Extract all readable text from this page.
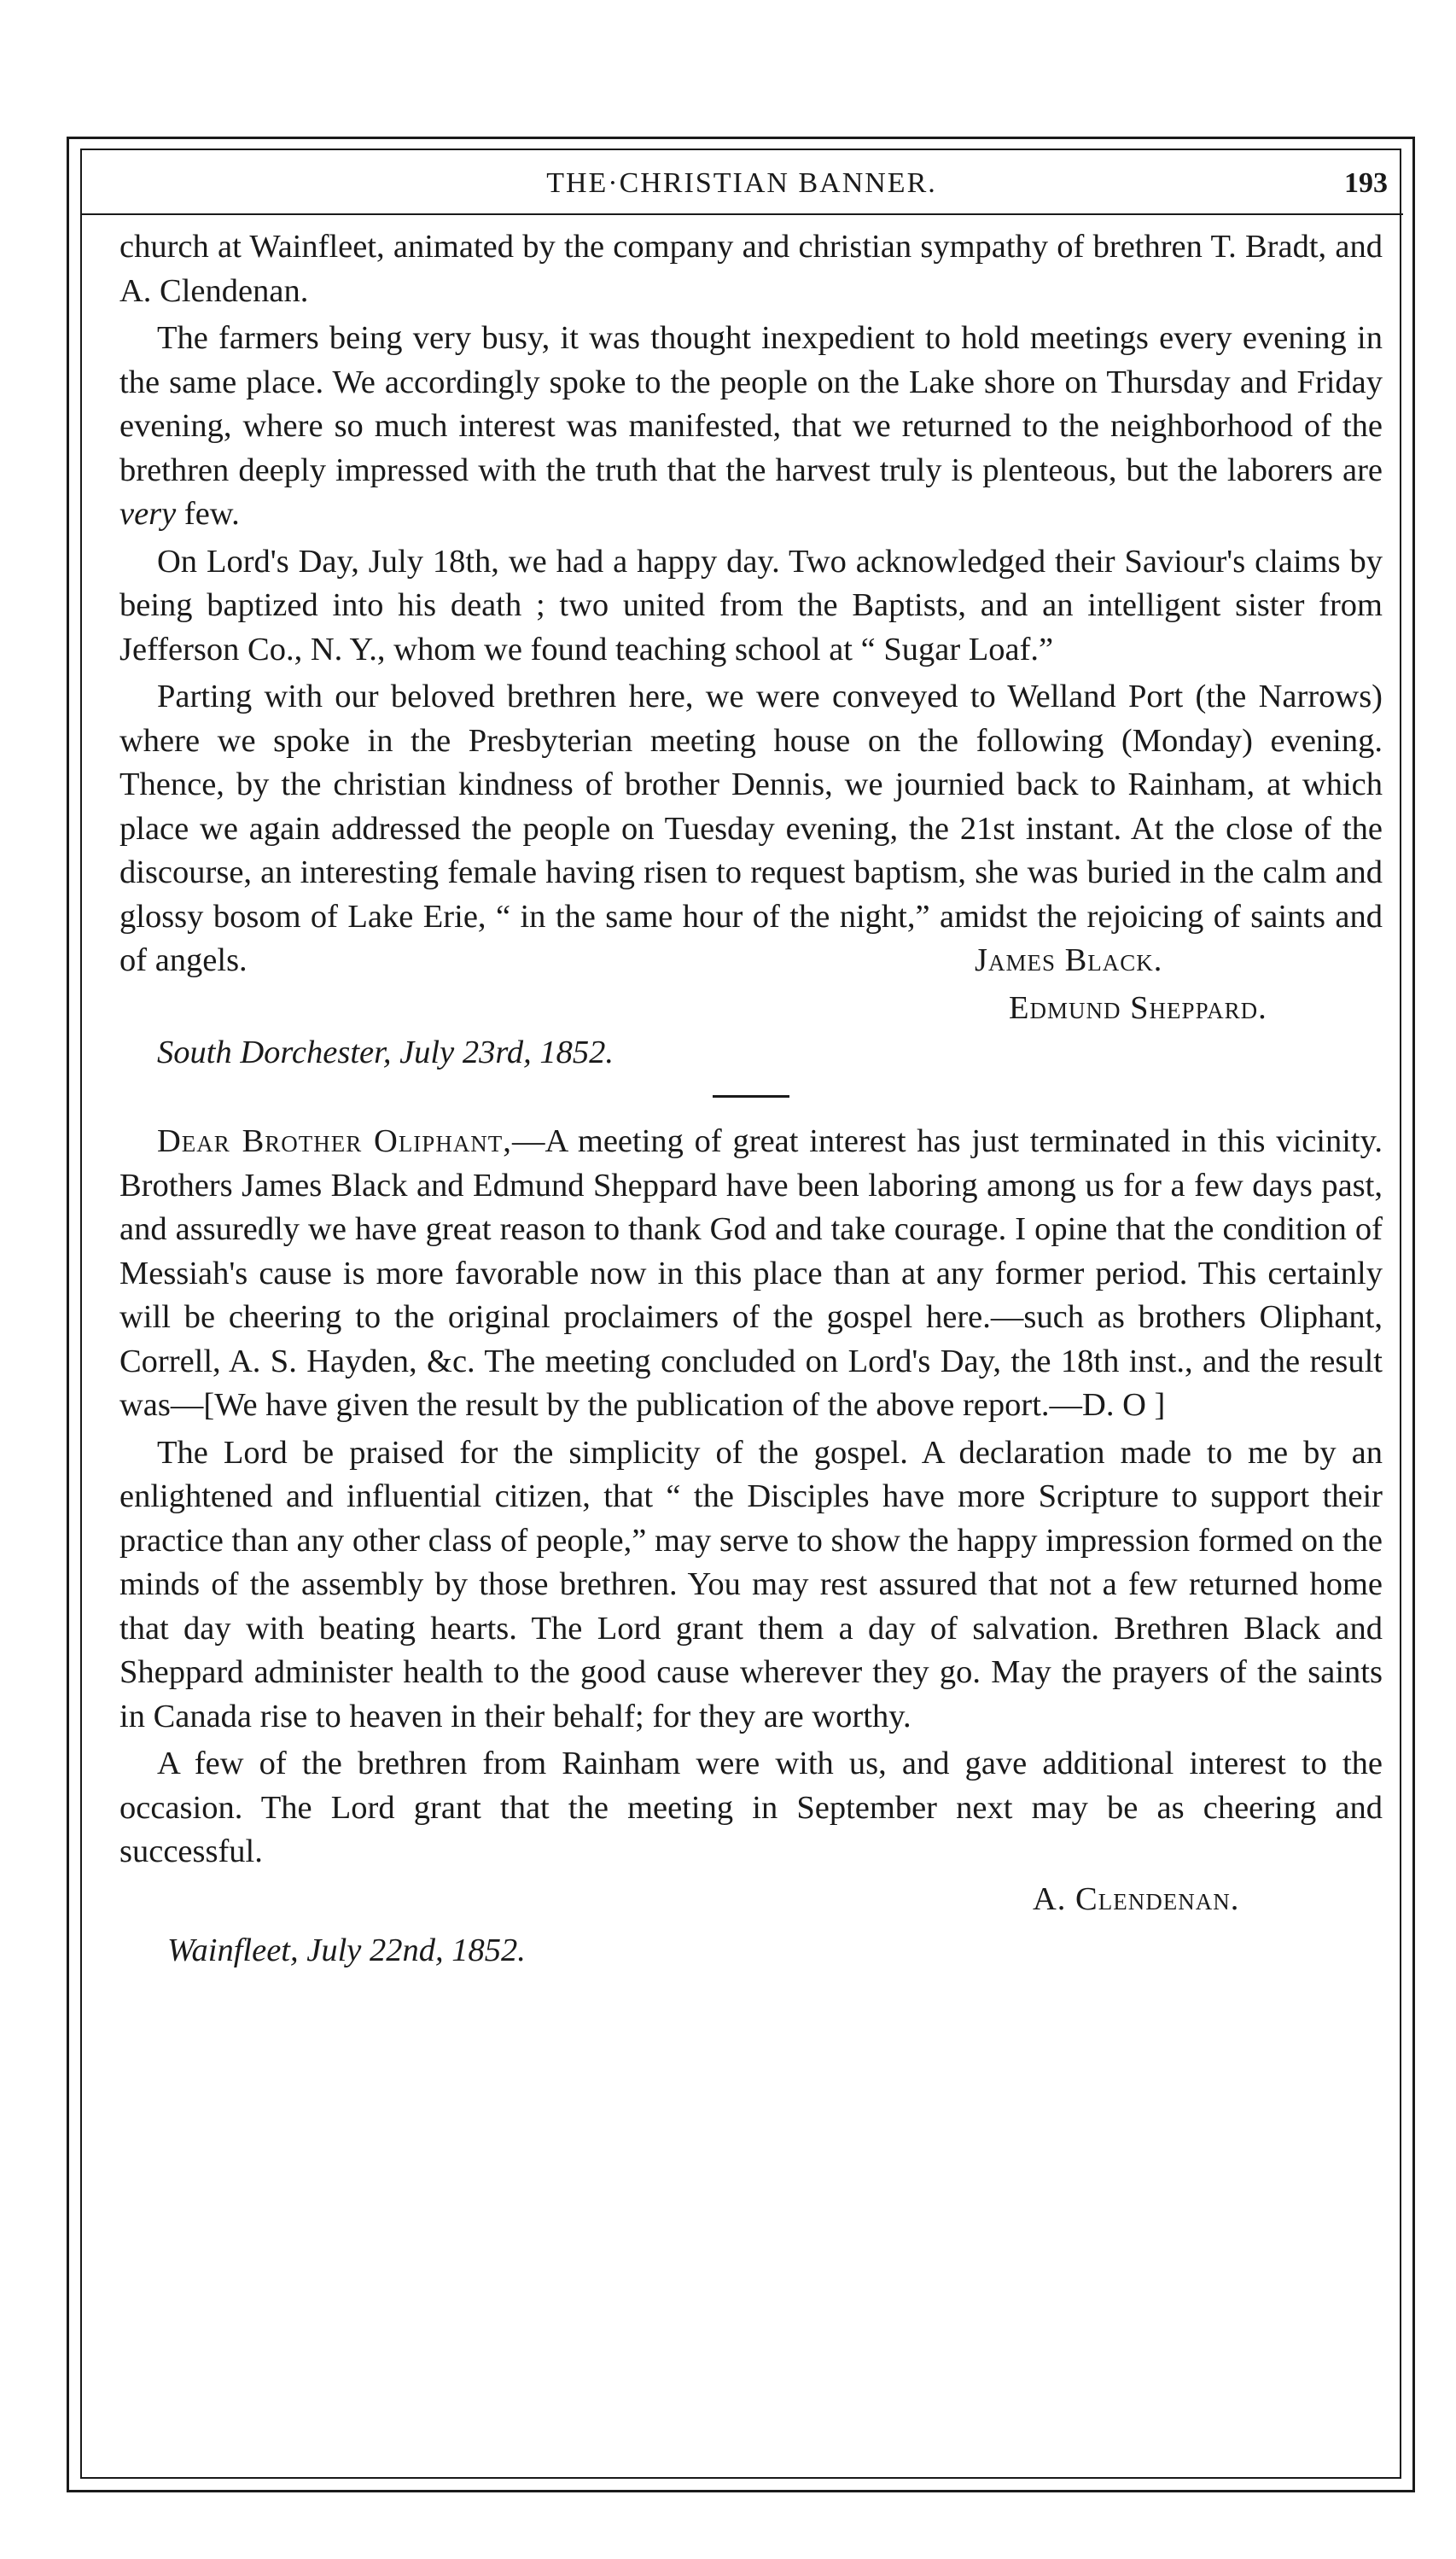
THE·CHRISTIAN BANNER.	193

church at Wainfleet, animated by the company and christian sympathy of brethren T. Bradt, and A. Clendenan.

The farmers being very busy, it was thought inexpedient to hold meetings every evening in the same place. We accordingly spoke to the people on the Lake shore on Thursday and Friday evening, where so much interest was manifested, that we returned to the neighborhood of the brethren deeply impressed with the truth that the harvest truly is plenteous, but the laborers are very few.

On Lord's Day, July 18th, we had a happy day. Two acknowledged their Saviour's claims by being baptized into his death ; two united from the Baptists, and an intelligent sister from Jefferson Co., N. Y., whom we found teaching school at “ Sugar Loaf.”

Parting with our beloved brethren here, we were conveyed to Welland Port (the Narrows) where we spoke in the Presbyterian meeting house on the following (Monday) evening. Thence, by the christian kindness of brother Dennis, we journied back to Rainham, at which place we again addressed the people on Tuesday evening, the 21st instant. At the close of the discourse, an interesting female having risen to request baptism, she was buried in the calm and glossy bosom of Lake Erie, “ in the same hour of the night,” amidst the rejoicing of saints and of angels.

Edmund Sheppard.
James Black.

South Dorchester, July 23rd, 1852.

Dear Brother Oliphant,—A meeting of great interest has just terminated in this vicinity. Brothers James Black and Edmund Sheppard have been laboring among us for a few days past, and assuredly we have great reason to thank God and take courage. I opine that the condition of Messiah's cause is more favorable now in this place than at any former period. This certainly will be cheering to the original proclaimers of the gospel here.—such as brothers Oliphant, Correll, A. S. Hayden, &c. The meeting concluded on Lord's Day, the 18th inst., and the result was—[We have given the result by the publication of the above report.—D. O ]

The Lord be praised for the simplicity of the gospel. A declaration made to me by an enlightened and influential citizen, that “ the Disciples have more Scripture to support their practice than any other class of people,” may serve to show the happy impression formed on the minds of the assembly by those brethren. You may rest assured that not a few returned home that day with beating hearts. The Lord grant them a day of salvation. Brethren Black and Sheppard administer health to the good cause wherever they go. May the prayers of the saints in Canada rise to heaven in their behalf; for they are worthy.

A few of the brethren from Rainham were with us, and gave additional interest to the occasion. The Lord grant that the meeting in September next may be as cheering and successful.

A. Clendenan.

Wainfleet, July 22nd, 1852.
